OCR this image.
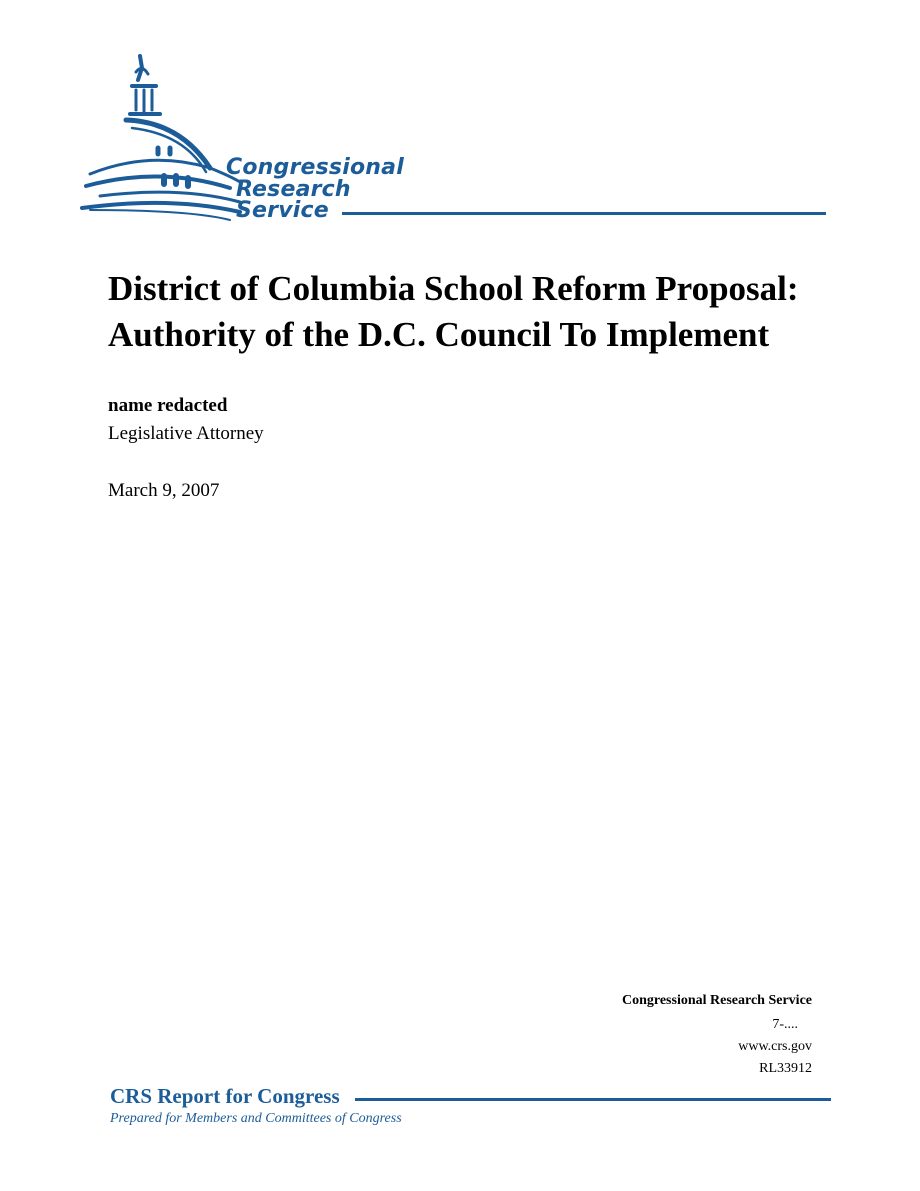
Congressional
Research
Service
District of Columbia School Reform Proposal:
Authority of the D.C. Council To Implement

name redacted

Legislative Attorney

March 9, 2007

Congressional Research Service
7-....
www.crs.gov
RL33912
CRS Report for Congress
Prepared for Members and Committees of Congress
